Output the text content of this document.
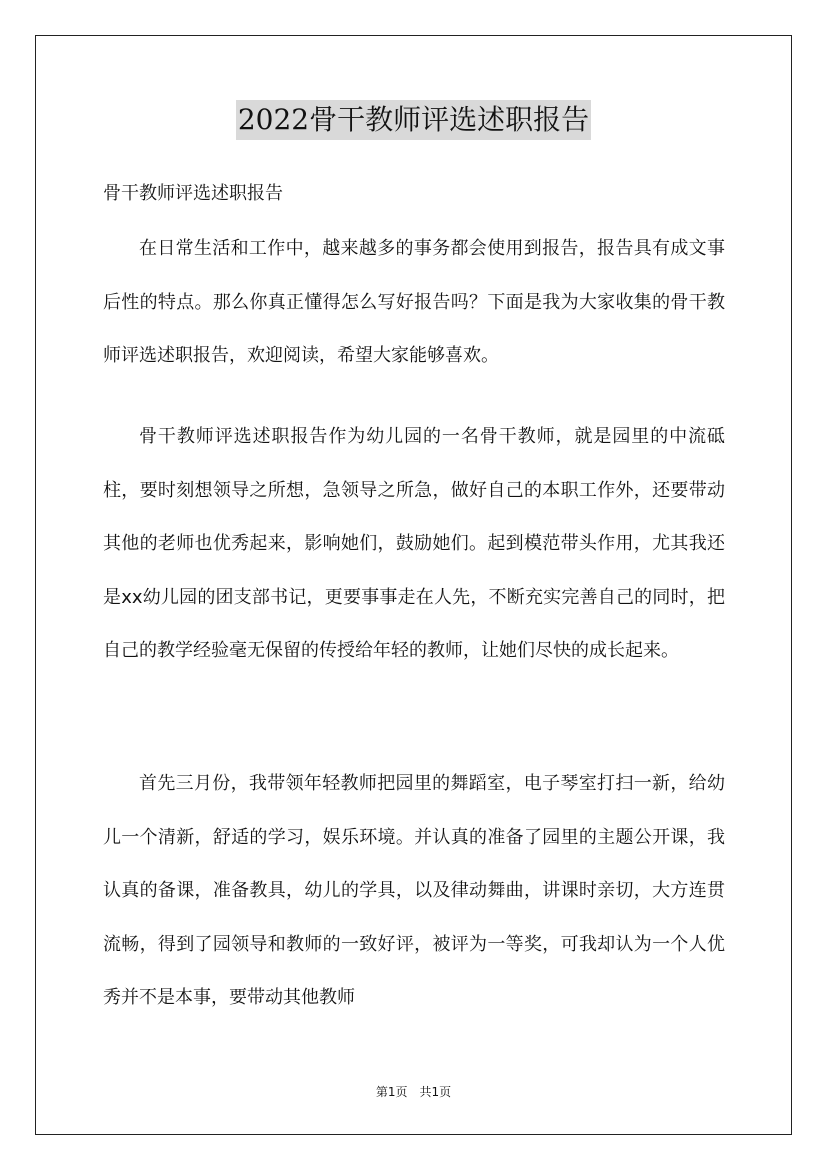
2022骨干教师评选述职报告
骨干教师评选述职报告

在日常生活和工作中，越来越多的事务都会使用到报告，报告具有成文事后性的特点。那么你真正懂得怎么写好报告吗？下面是我为大家收集的骨干教师评选述职报告，欢迎阅读，希望大家能够喜欢。

骨干教师评选述职报告作为幼儿园的一名骨干教师，就是园里的中流砥柱，要时刻想领导之所想，急领导之所急，做好自己的本职工作外，还要带动其他的老师也优秀起来，影响她们，鼓励她们。起到模范带头作用，尤其我还是xx幼儿园的团支部书记，更要事事走在人先，不断充实完善自己的同时，把自己的教学经验毫无保留的传授给年轻的教师，让她们尽快的成长起来。

首先三月份，我带领年轻教师把园里的舞蹈室，电子琴室打扫一新，给幼儿一个清新，舒适的学习，娱乐环境。并认真的准备了园里的主题公开课，我认真的备课，准备教具，幼儿的学具，以及律动舞曲，讲课时亲切，大方连贯流畅，得到了园领导和教师的一致好评，被评为一等奖，可我却认为一个人优秀并不是本事，要带动其他教师

第1页　共1页
